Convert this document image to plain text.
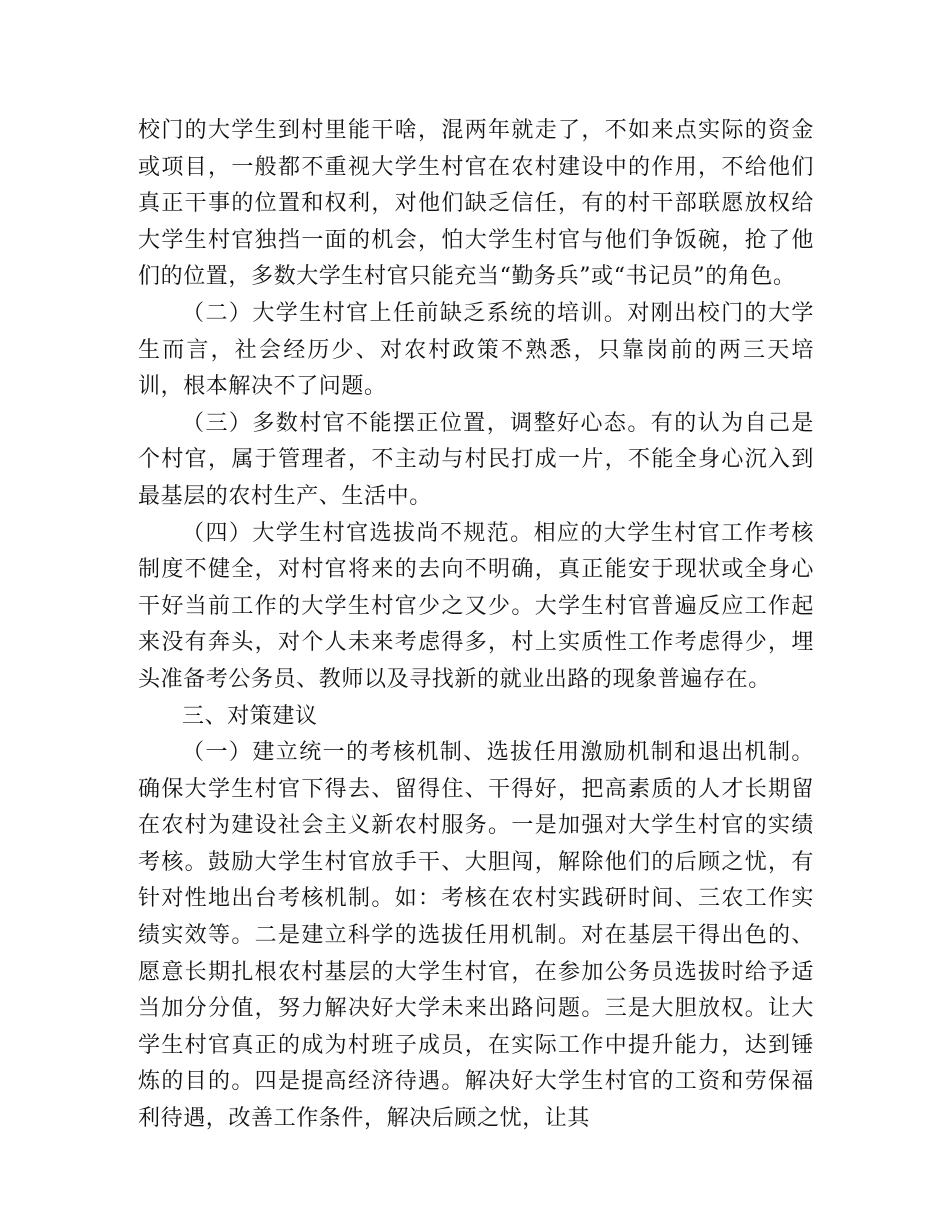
校门的大学生到村里能干啥，混两年就走了，不如来点实际的资金或项目，一般都不重视大学生村官在农村建设中的作用，不给他们真正干事的位置和权利，对他们缺乏信任，有的村干部联愿放权给大学生村官独挡一面的机会，怕大学生村官与他们争饭碗，抢了他们的位置，多数大学生村官只能充当“勤务兵”或“书记员”的角色。

（二）大学生村官上任前缺乏系统的培训。对刚出校门的大学生而言，社会经历少、对农村政策不熟悉，只靠岗前的两三天培训，根本解决不了问题。

（三）多数村官不能摆正位置，调整好心态。有的认为自己是个村官，属于管理者，不主动与村民打成一片，不能全身心沉入到最基层的农村生产、生活中。

（四）大学生村官选拔尚不规范。相应的大学生村官工作考核制度不健全，对村官将来的去向不明确，真正能安于现状或全身心干好当前工作的大学生村官少之又少。大学生村官普遍反应工作起来没有奔头，对个人未来考虑得多，村上实质性工作考虑得少，埋头准备考公务员、教师以及寻找新的就业出路的现象普遍存在。

三、对策建议

（一）建立统一的考核机制、选拔任用激励机制和退出机制。确保大学生村官下得去、留得住、干得好，把高素质的人才长期留在农村为建设社会主义新农村服务。一是加强对大学生村官的实绩考核。鼓励大学生村官放手干、大胆闯，解除他们的后顾之忧，有针对性地出台考核机制。如：考核在农村实践研时间、三农工作实绩实效等。二是建立科学的选拔任用机制。对在基层干得出色的、愿意长期扎根农村基层的大学生村官，在参加公务员选拔时给予适当加分分值，努力解决好大学未来出路问题。三是大胆放权。让大学生村官真正的成为村班子成员，在实际工作中提升能力，达到锤炼的目的。四是提高经济待遇。解决好大学生村官的工资和劳保福利待遇，改善工作条件，解决后顾之忧，让其
